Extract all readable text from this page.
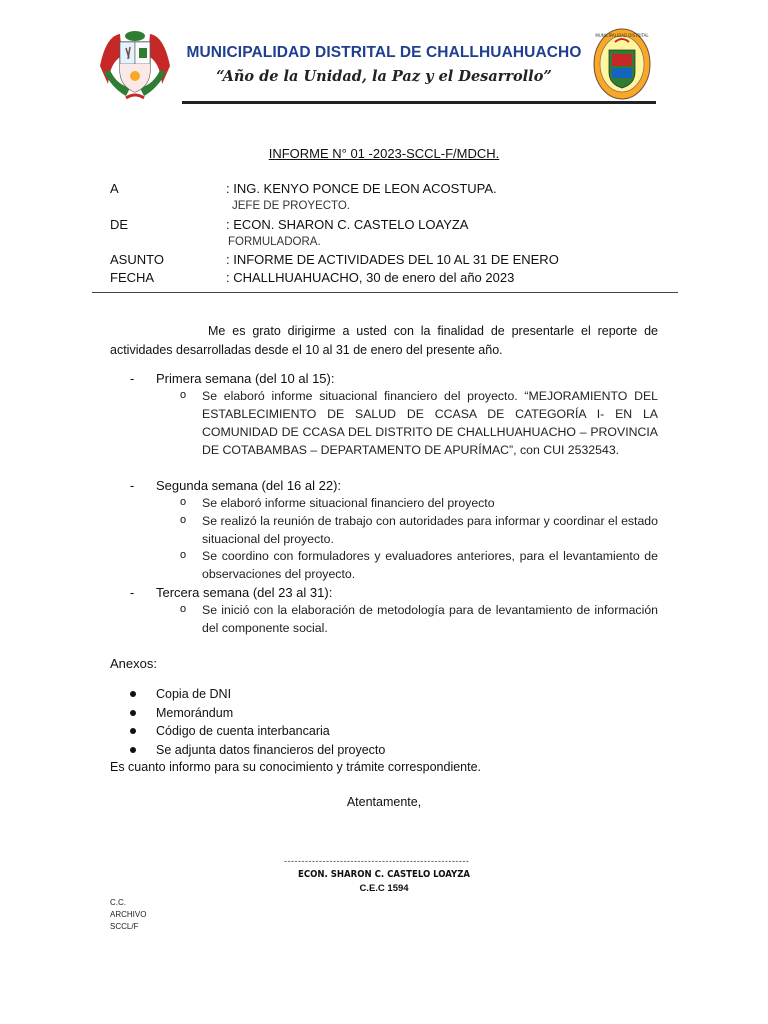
MUNICIPALIDAD DISTRITAL
MUNICIPALIDAD DISTRITAL DE CHALLHUAHUACHO
“Año de la Unidad, la Paz y el Desarrollo”
INFORME N° 01 -2023-SCCL-F/MDCH.
A	: ING. KENYO PONCE DE LEON ACOSTUPA.
JEFE DE PROYECTO.
DE	: ECON. SHARON C. CASTELO LOAYZA
FORMULADORA.
ASUNTO	: INFORME DE ACTIVIDADES DEL 10 AL 31 DE ENERO
FECHA	: CHALLHUAHUACHO, 30 de enero del año 2023
Me es grato dirigirme a usted con la finalidad de presentarle el reporte de actividades desarrolladas desde el 10 al 31 de enero del presente año.
- Primera semana (del 10 al 15):
o Se elaboró informe situacional financiero del proyecto. “MEJORAMIENTO DEL ESTABLECIMIENTO DE SALUD DE CCASA DE CATEGORÍA I- EN LA COMUNIDAD DE CCASA DEL DISTRITO DE CHALLHUAHUACHO – PROVINCIA DE COTABAMBAS – DEPARTAMENTO DE APURÍMAC”, con CUI 2532543.
- Segunda semana (del 16 al 22):
o Se elaboró informe situacional financiero del proyecto
o Se realizó la reunión de trabajo con autoridades para informar y coordinar el estado situacional del proyecto.
o Se coordino con formuladores y evaluadores anteriores, para el levantamiento de observaciones del proyecto.
- Tercera semana (del 23 al 31):
o Se inició con la elaboración de metodología para de levantamiento de información del componente social.
Anexos:
Copia de DNI
Memorándum
Código de cuenta interbancaria
Se adjunta datos financieros del proyecto
Es cuanto informo para su conocimiento y trámite correspondiente.
Atentamente,
-----------------------------------------------------
ECON. SHARON C. CASTELO LOAYZA
C.E.C 1594
C.C.
ARCHIVO
SCCL/F
